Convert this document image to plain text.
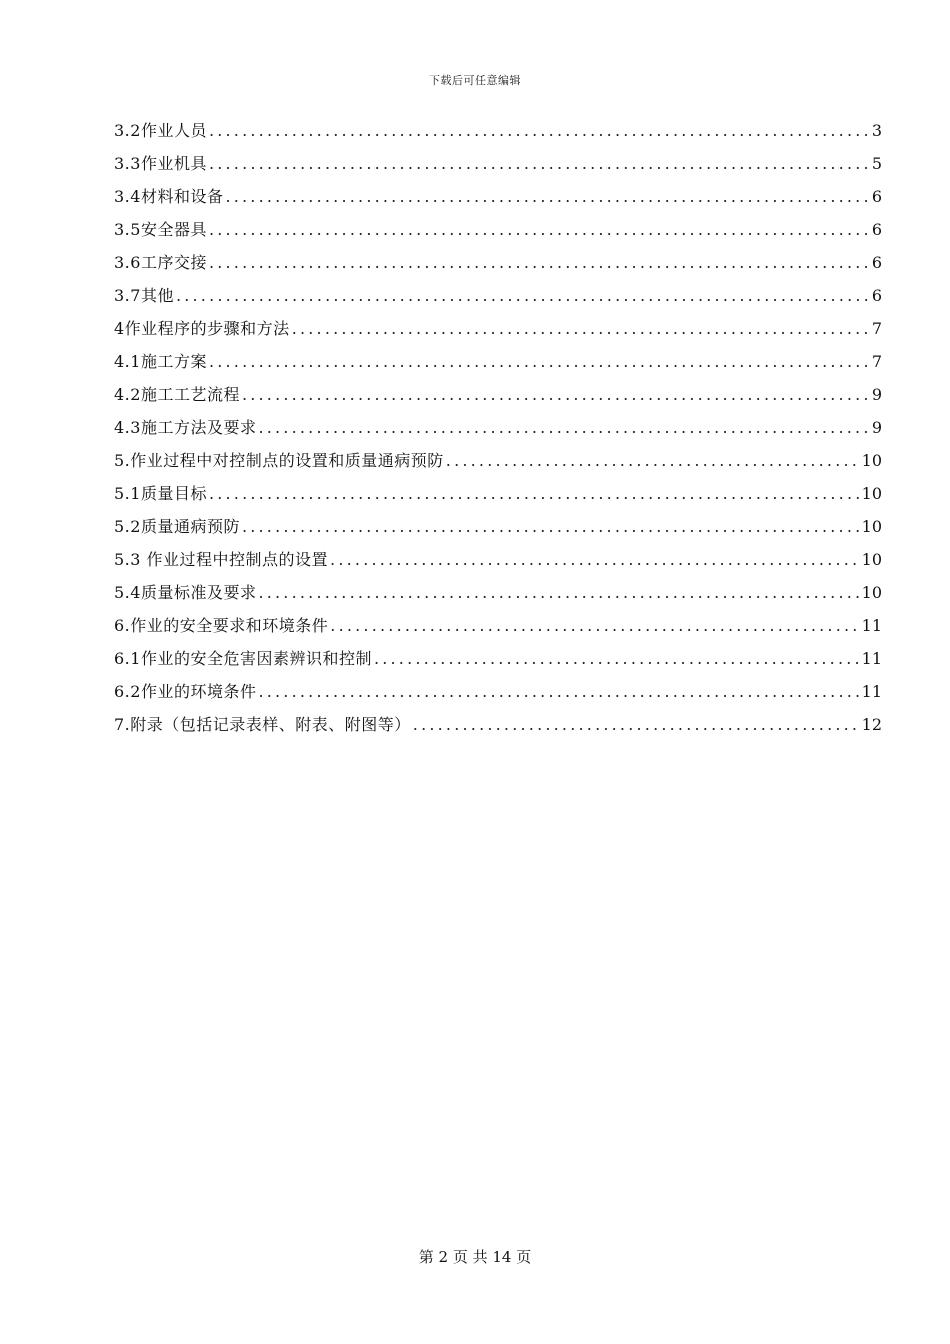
下载后可任意编辑
3.2作业人员 .....	3
3.3作业机具 .....	5
3.4材料和设备 .....	6
3.5安全器具 .....	6
3.6工序交接 .....	6
3.7其他 .....	6
4作业程序的步骤和方法 .....	7
4.1施工方案 .....	7
4.2施工工艺流程 .....	9
4.3施工方法及要求 .....	9
5.作业过程中对控制点的设置和质量通病预防 .....	10
5.1质量目标 .....	10
5.2质量通病预防 .....	10
5.3 作业过程中控制点的设置 .....	10
5.4质量标准及要求 .....	10
6.作业的安全要求和环境条件 .....	11
6.1作业的安全危害因素辨识和控制 .....	11
6.2作业的环境条件 .....	11
7.附录（包括记录表样、附表、附图等） .....	12
第 2 页 共 14 页
